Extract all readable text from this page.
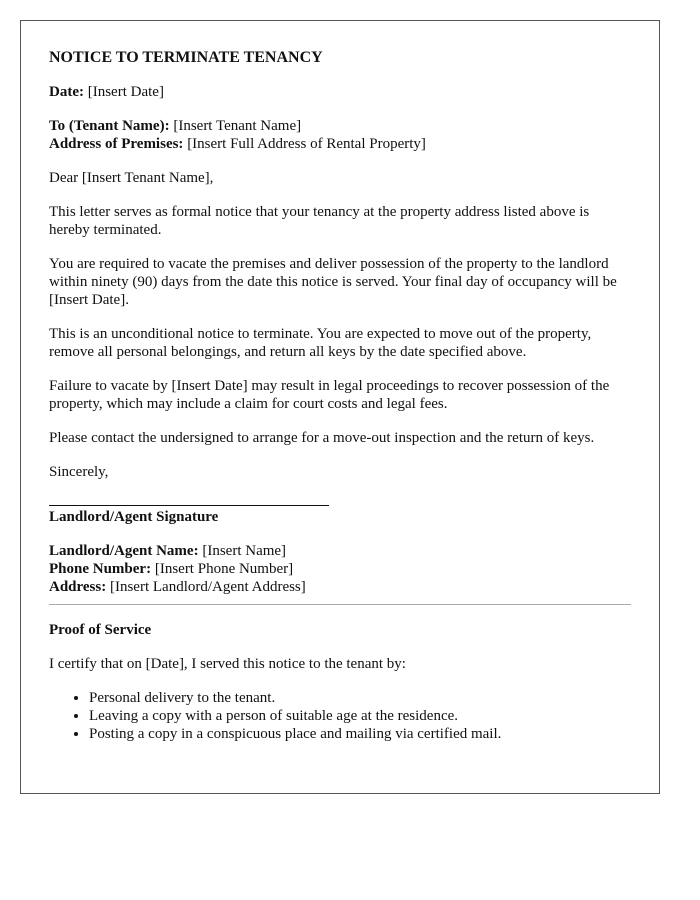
NOTICE TO TERMINATE TENANCY

Date: [Insert Date]

To (Tenant Name): [Insert Tenant Name]
Address of Premises: [Insert Full Address of Rental Property]

Dear [Insert Tenant Name],

This letter serves as formal notice that your tenancy at the property address listed above is hereby terminated.

You are required to vacate the premises and deliver possession of the property to the landlord within ninety (90) days from the date this notice is served. Your final day of occupancy will be [Insert Date].

This is an unconditional notice to terminate. You are expected to move out of the property, remove all personal belongings, and return all keys by the date specified above.

Failure to vacate by [Insert Date] may result in legal proceedings to recover possession of the property, which may include a claim for court costs and legal fees.

Please contact the undersigned to arrange for a move-out inspection and the return of keys.

Sincerely,

Landlord/Agent Signature

Landlord/Agent Name: [Insert Name]
Phone Number: [Insert Phone Number]
Address: [Insert Landlord/Agent Address]

Proof of Service

I certify that on [Date], I served this notice to the tenant by:

• Personal delivery to the tenant.
• Leaving a copy with a person of suitable age at the residence.
• Posting a copy in a conspicuous place and mailing via certified mail.
